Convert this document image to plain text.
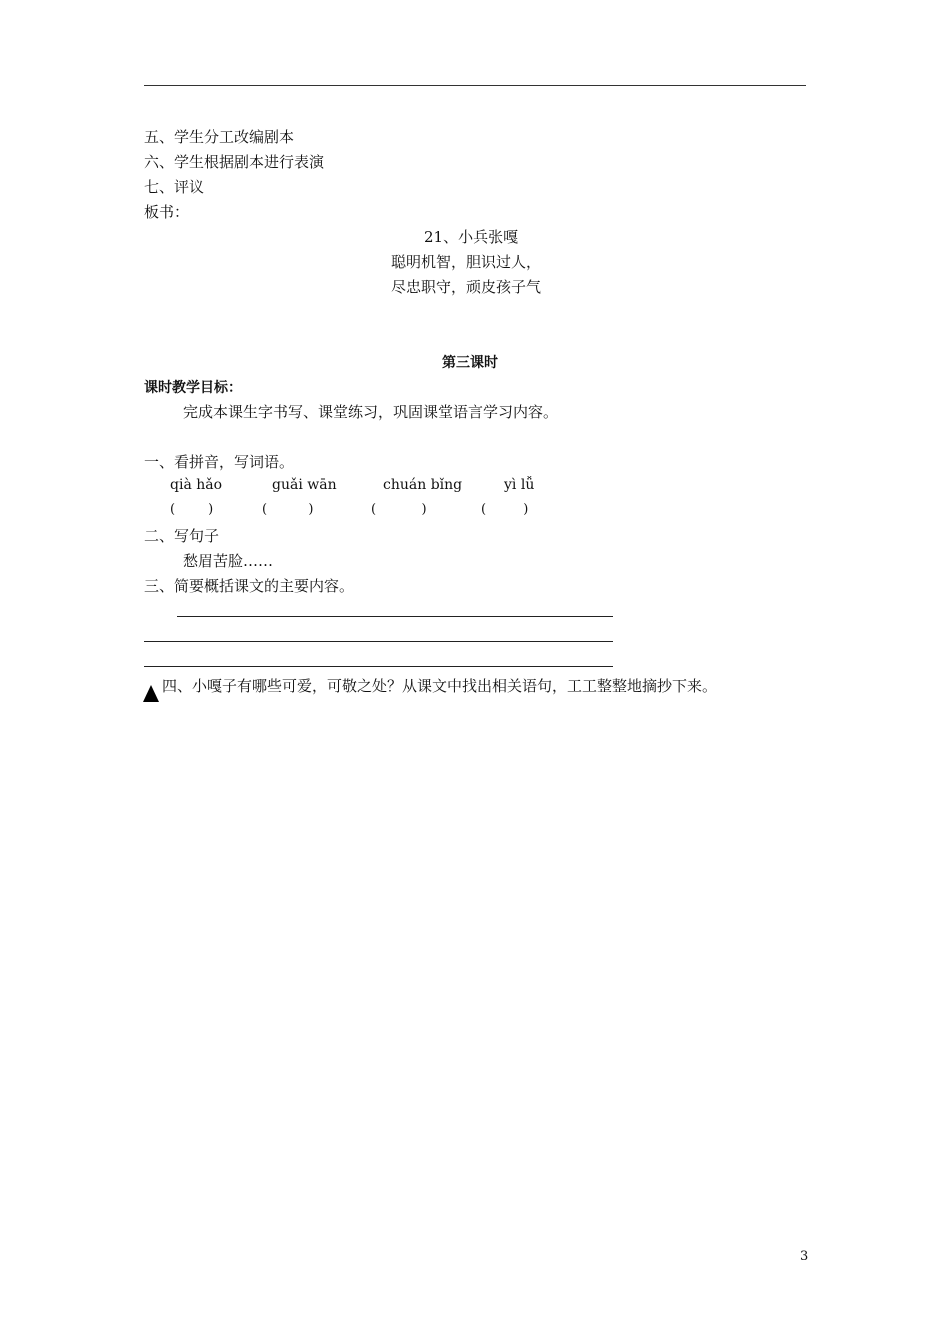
五、学生分工改编剧本
六、学生根据剧本进行表演
七、评议
板书：
21、小兵张嘎
聪明机智，胆识过人，
尽忠职守，顽皮孩子气
第三课时
课时教学目标：
完成本课生字书写、课堂练习，巩固课堂语言学习内容。
一、看拼音，写词语。
qià hǎo	guǎi wān	chuán bǐng	yì lǚ
(        )	(          )	(           )	(         )
二、写句子
愁眉苦脸……
三、简要概括课文的主要内容。
四、小嘎子有哪些可爱，可敬之处？从课文中找出相关语句，工工整整地摘抄下来。
3
